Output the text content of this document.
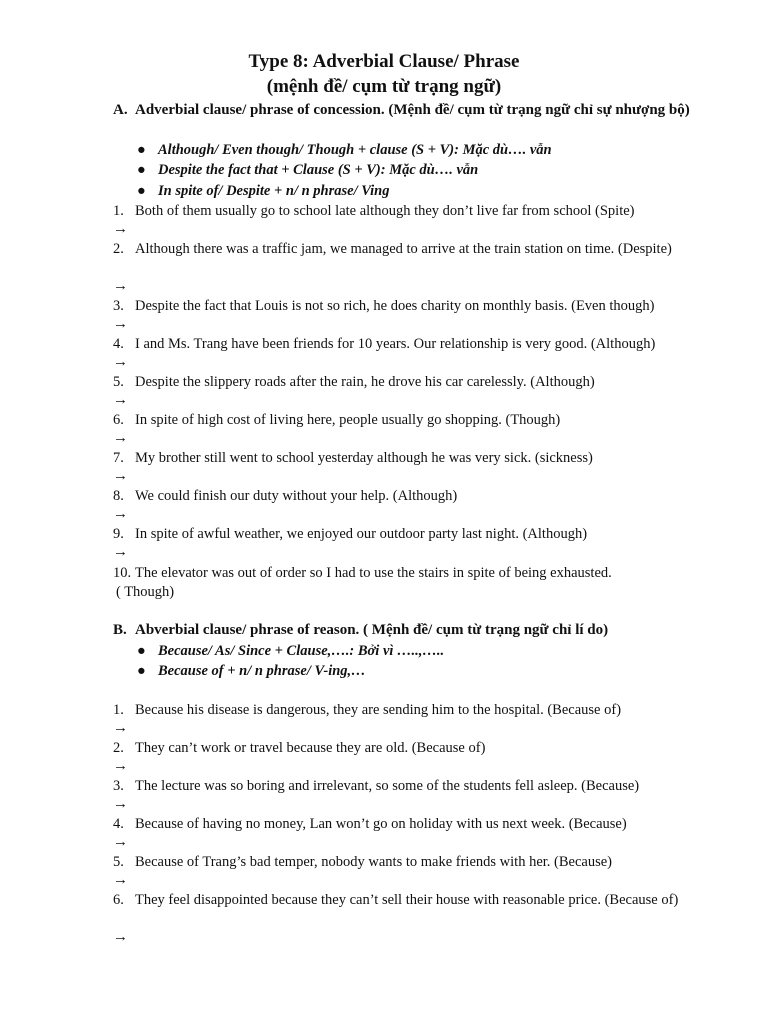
Type 8: Adverbial Clause/ Phrase
(mệnh đề/ cụm từ trạng ngữ)
A. Adverbial clause/ phrase of concession. (Mệnh đề/ cụm từ trạng ngữ chỉ sự nhượng bộ)
● Although/ Even though/ Though + clause (S + V): Mặc dù…. vẫn
● Despite the fact that + Clause (S + V): Mặc dù…. vẫn
● In spite of/ Despite + n/ n phrase/ Ving
1. Both of them usually go to school late although they don’t live far from school (Spite)
→
2. Although there was a traffic jam, we managed to arrive at the train station on time. (Despite)
→
3. Despite the fact that Louis is not so rich, he does charity on monthly basis. (Even though)
→
4. I and Ms. Trang have been friends for 10 years. Our relationship is very good. (Although)
→
5. Despite the slippery roads after the rain, he drove his car carelessly. (Although)
→
6. In spite of high cost of living here, people usually go shopping. (Though)
→
7. My brother still went to school yesterday although he was very sick. (sickness)
→
8. We could finish our duty without your help. (Although)
→
9. In spite of awful weather, we enjoyed our outdoor party last night. (Although)
→
10. The elevator was out of order so I had to use the stairs in spite of being exhausted.
( Though)
B. Abverbial clause/ phrase of reason. ( Mệnh đề/ cụm từ trạng ngữ chỉ lí do)
● Because/ As/ Since + Clause,….: Bởi vì …..,…..
● Because of + n/ n phrase/ V-ing,…
1. Because his disease is dangerous, they are sending him to the hospital. (Because of)
→
2. They can’t work or travel because they are old. (Because of)
→
3. The lecture was so boring and irrelevant, so some of the students fell asleep. (Because)
→
4. Because of having no money, Lan won’t go on holiday with us next week. (Because)
→
5. Because of Trang’s bad temper, nobody wants to make friends with her. (Because)
→
6. They feel disappointed because they can’t sell their house with reasonable price. (Because of)
→
